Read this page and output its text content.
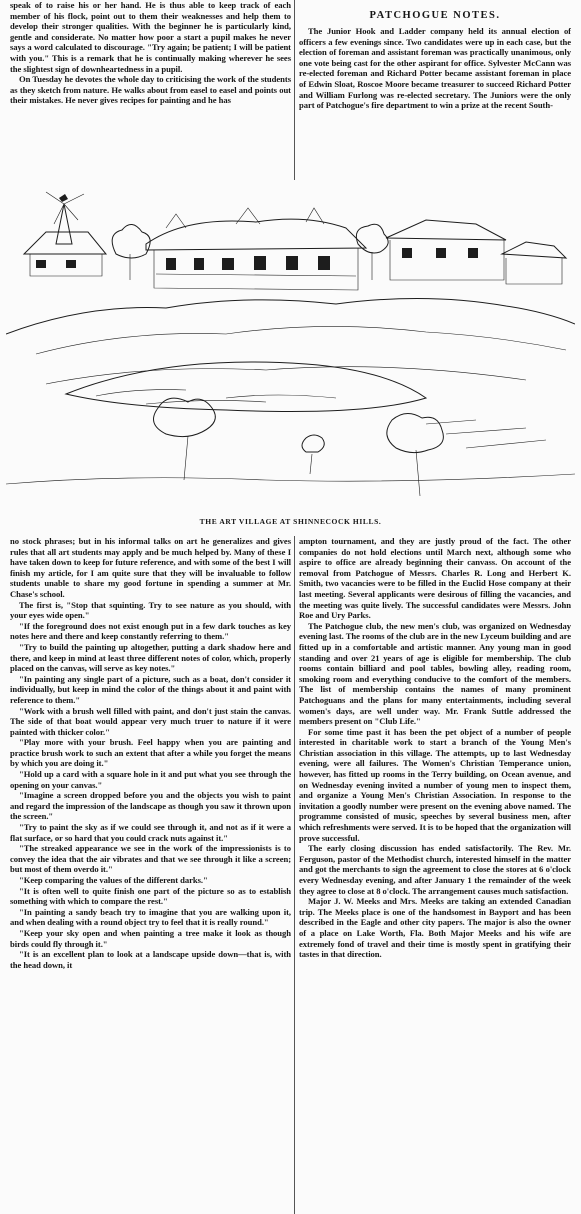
speak of to raise his or her hand. He is thus able to keep track of each member of his flock, point out to them their weaknesses and help them to develop their stronger qualities. With the beginner he is particularly kind, gentle and considerate. No matter how poor a start a pupil makes he never says a word calculated to discourage. "Try again; be patient; I will be patient with you." This is a remark that he is continually making wherever he sees the slightest sign of downheartedness in a pupil.

On Tuesday he devotes the whole day to criticising the work of the students as they sketch from nature. He walks about from easel to easel and points out their mistakes. He never gives recipes for painting and he has

PATCHOGUE NOTES.

The Junior Hook and Ladder company held its annual election of officers a few evenings since. Two candidates were up in each case, but the election of foreman and assistant foreman was practically unanimous, only one vote being cast for the other aspirant for office. Sylvester McCann was re-elected foreman and Richard Potter became assistant foreman in place of Edwin Sloat, Roscoe Moore became treasurer to succeed Richard Potter and William Furlong was re-elected secretary. The Juniors were the only part of Patchogue's fire department to win a prize at the recent South-

THE ART VILLAGE AT SHINNECOCK HILLS.

no stock phrases; but in his informal talks on art he generalizes and gives rules that all art students may apply and be much helped by. Many of these I have taken down to keep for future reference, and with some of the best I will finish my article, for I am quite sure that they will be invaluable to follow students unable to share my good fortune in spending a summer at Mr. Chase's school.

The first is, "Stop that squinting. Try to see nature as you should, with your eyes wide open."

"If the foreground does not exist enough put in a few dark touches as key notes here and there and keep constantly referring to them."

"Try to build the painting up altogether, putting a dark shadow here and there, and keep in mind at least three different notes of color, which, properly placed on the canvas, will serve as key notes."

"In painting any single part of a picture, such as a boat, don't consider it individually, but keep in mind the color of the things about it and paint with reference to them."

"Work with a brush well filled with paint, and don't just stain the canvas. The side of that boat would appear very much truer to nature if it were painted with thicker color."

"Play more with your brush. Feel happy when you are painting and practice brush work to such an extent that after a while you forget the means by which you are doing it."

"Hold up a card with a square hole in it and put what you see through the opening on your canvas."

"Imagine a screen dropped before you and the objects you wish to paint and regard the impression of the landscape as though you saw it thrown upon the screen."

"Try to paint the sky as if we could see through it, and not as if it were a flat surface, or so hard that you could crack nuts against it."

"The streaked appearance we see in the work of the impressionists is to convey the idea that the air vibrates and that we see through it like a screen; but most of them overdo it."

"Keep comparing the values of the different darks."

"It is often well to quite finish one part of the picture so as to establish something with which to compare the rest."

"In painting a sandy beach try to imagine that you are walking upon it, and when dealing with a round object try to feel that it is really round."

"Keep your sky open and when painting a tree make it look as though birds could fly through it."

"It is an excellent plan to look at a landscape upside down—that is, with the head down, it

ampton tournament, and they are justly proud of the fact. The other companies do not hold elections until March next, although some who aspire to office are already beginning their canvass. On account of the removal from Patchogue of Messrs. Charles R. Long and Herbert K. Smith, two vacancies were to be filled in the Euclid Hose company at their last meeting. Several applicants were desirous of filling the vacancies, and the meeting was quite lively. The successful candidates were Messrs. John Roe and Ury Parks.

The Patchogue club, the new men's club, was organized on Wednesday evening last. The rooms of the club are in the new Lyceum building and are fitted up in a comfortable and artistic manner. Any young man in good standing and over 21 years of age is eligible for membership. The club rooms contain billiard and pool tables, bowling alley, reading room, smoking room and everything conducive to the comfort of the members. The list of membership contains the names of many prominent Patchoguans and the plans for many entertainments, including several women's days, are well under way. Mr. Frank Suttle addressed the members present on "Club Life."

For some time past it has been the pet object of a number of people interested in charitable work to start a branch of the Young Men's Christian association in this village. The attempts, up to last Wednesday evening, were all failures. The Women's Christian Temperance union, however, has fitted up rooms in the Terry building, on Ocean avenue, and on Wednesday evening invited a number of young men to inspect them, and organize a Young Men's Christian Association. In response to the invitation a goodly number were present on the evening above named. The programme consisted of music, speeches by several business men, after which refreshments were served. It is to be hoped that the organization will prove successful.

The early closing discussion has ended satisfactorily. The Rev. Mr. Ferguson, pastor of the Methodist church, interested himself in the matter and got the merchants to sign the agreement to close the stores at 6 o'clock every Wednesday evening, and after January 1 the remainder of the week they agree to close at 8 o'clock. The arrangement causes much satisfaction.

Major J. W. Meeks and Mrs. Meeks are taking an extended Canadian trip. The Meeks place is one of the handsomest in Bayport and has been described in the Eagle and other city papers. The major is also the owner of a place on Lake Worth, Fla. Both Major Meeks and his wife are extremely fond of travel and their time is mostly spent in gratifying their tastes in that direction.
